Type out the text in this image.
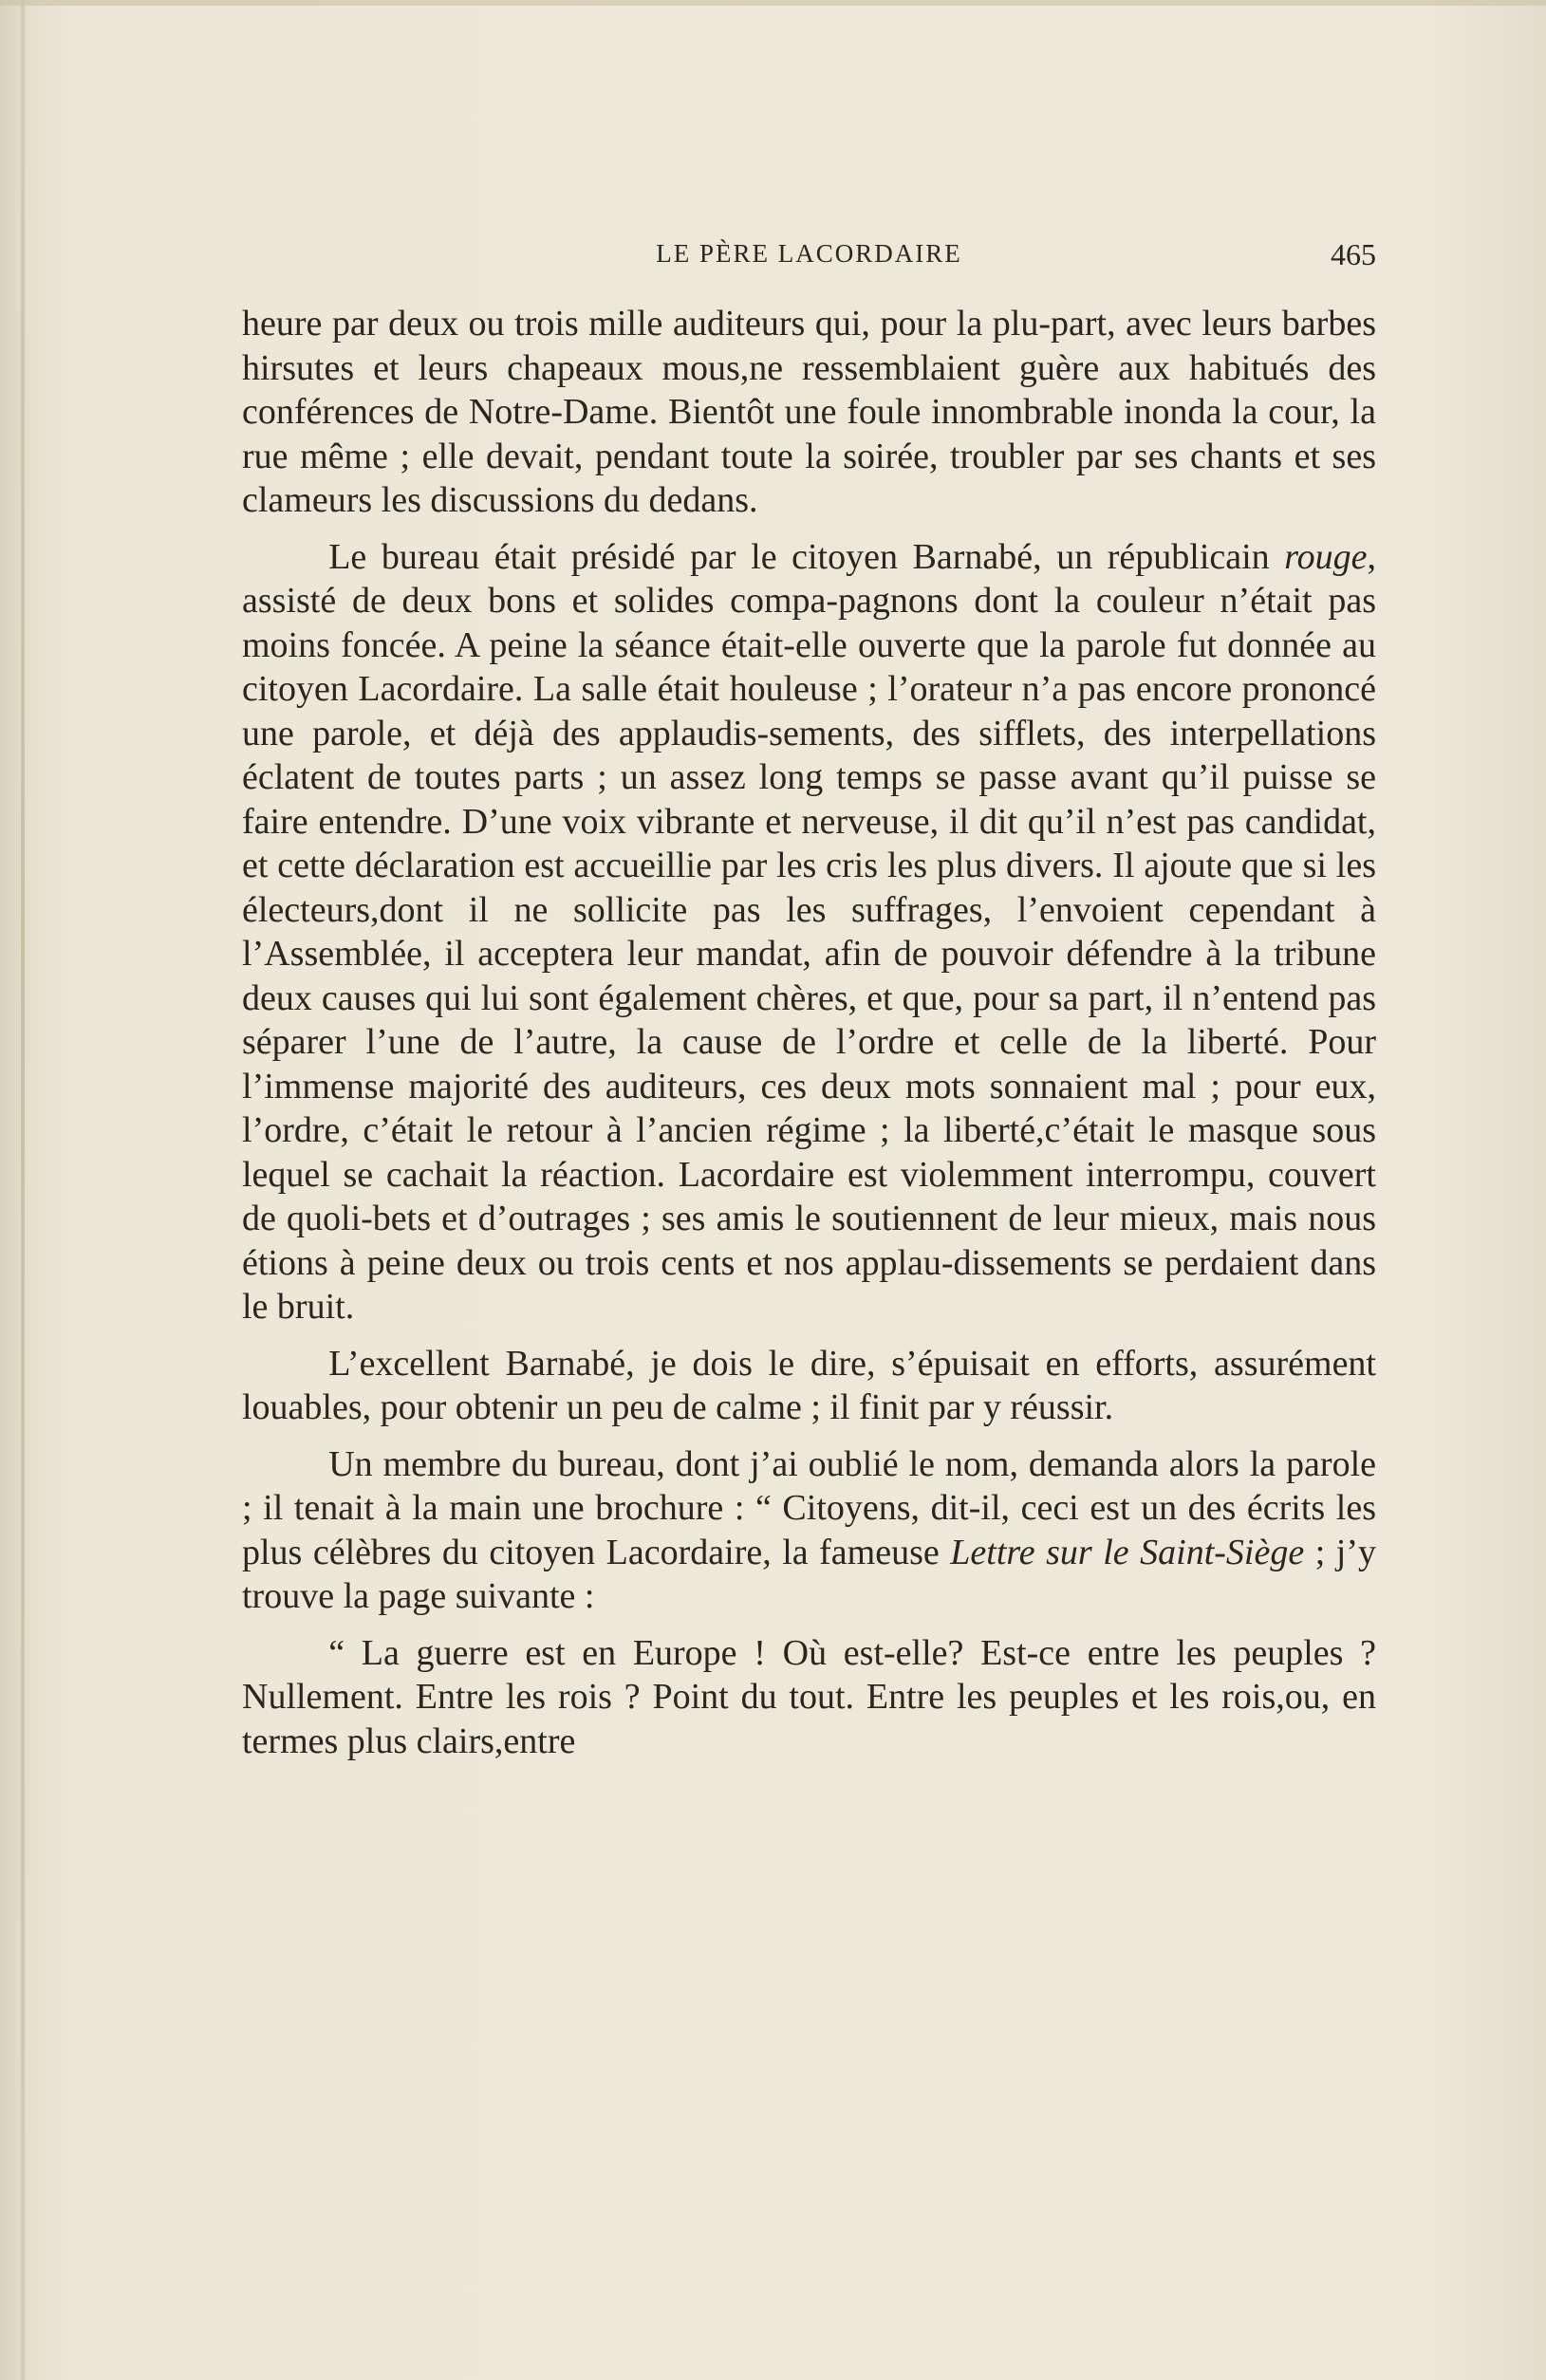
LE PÈRE LACORDAIRE	465

heure par deux ou trois mille auditeurs qui, pour la plu-part, avec leurs barbes hirsutes et leurs chapeaux mous,ne ressemblaient guère aux habitués des conférences de Notre-Dame. Bientôt une foule innombrable inonda la cour, la rue même ; elle devait, pendant toute la soirée, troubler par ses chants et ses clameurs les discussions du dedans.

Le bureau était présidé par le citoyen Barnabé, un républicain rouge, assisté de deux bons et solides compa-pagnons dont la couleur n’était pas moins foncée. A peine la séance était-elle ouverte que la parole fut donnée au citoyen Lacordaire. La salle était houleuse ; l’orateur n’a pas encore prononcé une parole, et déjà des applaudis-sements, des sifflets, des interpellations éclatent de toutes parts ; un assez long temps se passe avant qu’il puisse se faire entendre. D’une voix vibrante et nerveuse, il dit qu’il n’est pas candidat, et cette déclaration est accueillie par les cris les plus divers. Il ajoute que si les électeurs,dont il ne sollicite pas les suffrages, l’envoient cependant à l’Assemblée, il acceptera leur mandat, afin de pouvoir défendre à la tribune deux causes qui lui sont également chères, et que, pour sa part, il n’entend pas séparer l’une de l’autre, la cause de l’ordre et celle de la liberté. Pour l’immense majorité des auditeurs, ces deux mots sonnaient mal ; pour eux, l’ordre, c’était le retour à l’ancien régime ; la liberté,c’était le masque sous lequel se cachait la réaction. Lacordaire est violemment interrompu, couvert de quoli-bets et d’outrages ; ses amis le soutiennent de leur mieux, mais nous étions à peine deux ou trois cents et nos applau-dissements se perdaient dans le bruit.

L’excellent Barnabé, je dois le dire, s’épuisait en efforts, assurément louables, pour obtenir un peu de calme ; il finit par y réussir.

Un membre du bureau, dont j’ai oublié le nom, demanda alors la parole ; il tenait à la main une brochure : “ Citoyens, dit-il, ceci est un des écrits les plus célèbres du citoyen Lacordaire, la fameuse Lettre sur le Saint-Siège ; j’y trouve la page suivante :

“ La guerre est en Europe ! Où est-elle? Est-ce entre les peuples ? Nullement. Entre les rois ? Point du tout. Entre les peuples et les rois,ou, en termes plus clairs,entre
